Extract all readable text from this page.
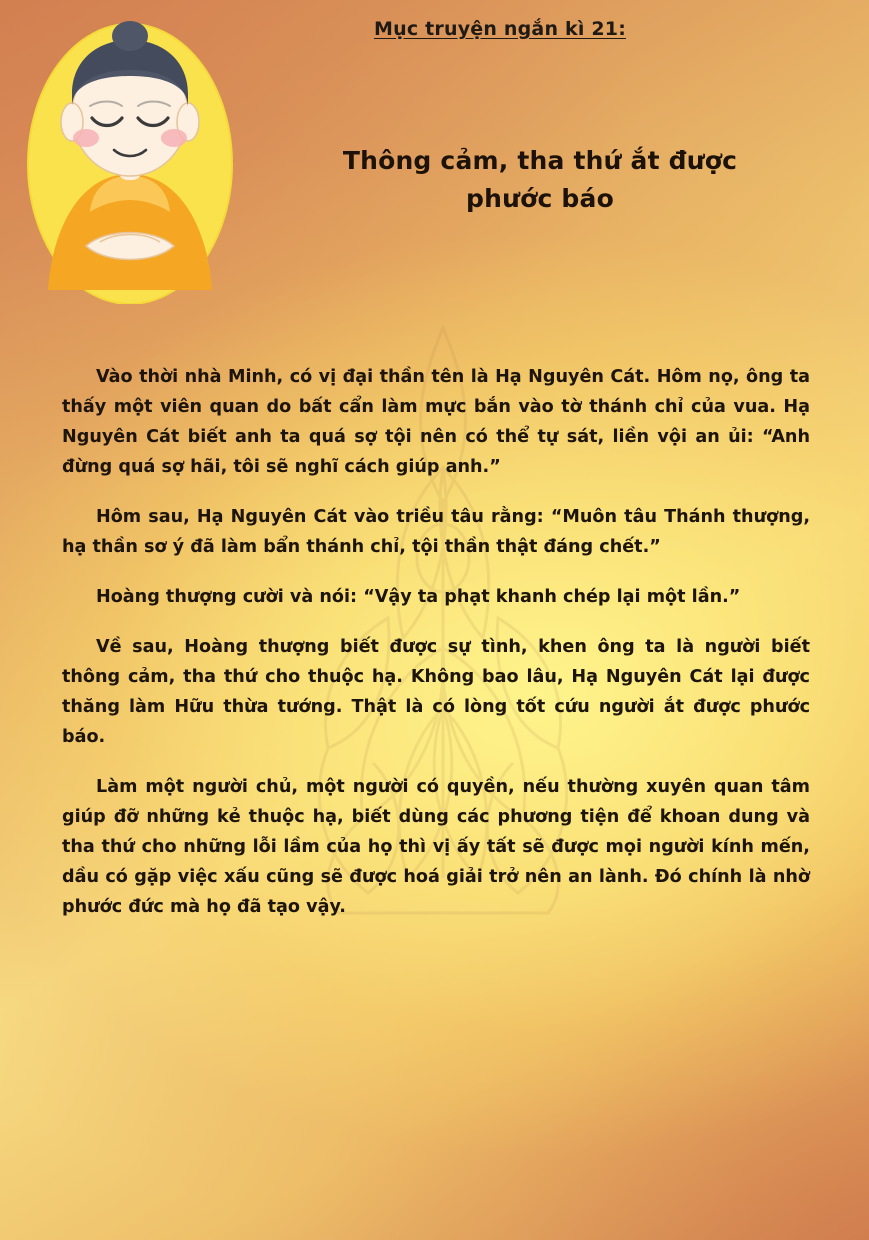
Mục truyện ngắn kì 21:
Thông cảm, tha thứ ắt được phước báo

Vào thời nhà Minh, có vị đại thần tên là Hạ Nguyên Cát. Hôm nọ, ông ta thấy một viên quan do bất cẩn làm mực bắn vào tờ thánh chỉ của vua. Hạ Nguyên Cát biết anh ta quá sợ tội nên có thể tự sát, liền vội an ủi: “Anh đừng quá sợ hãi, tôi sẽ nghĩ cách giúp anh.”

Hôm sau, Hạ Nguyên Cát vào triều tâu rằng: “Muôn tâu Thánh thượng, hạ thần sơ ý đã làm bẩn thánh chỉ, tội thần thật đáng chết.”

Hoàng thượng cười và nói: “Vậy ta phạt khanh chép lại một lần.”

Về sau, Hoàng thượng biết được sự tình, khen ông ta là người biết thông cảm, tha thứ cho thuộc hạ. Không bao lâu, Hạ Nguyên Cát lại được thăng làm Hữu thừa tướng. Thật là có lòng tốt cứu người ắt được phước báo.

Làm một người chủ, một người có quyền, nếu thường xuyên quan tâm giúp đỡ những kẻ thuộc hạ, biết dùng các phương tiện để khoan dung và tha thứ cho những lỗi lầm của họ thì vị ấy tất sẽ được mọi người kính mến, dầu có gặp việc xấu cũng sẽ được hoá giải trở nên an lành. Đó chính là nhờ phước đức mà họ đã tạo vậy.
